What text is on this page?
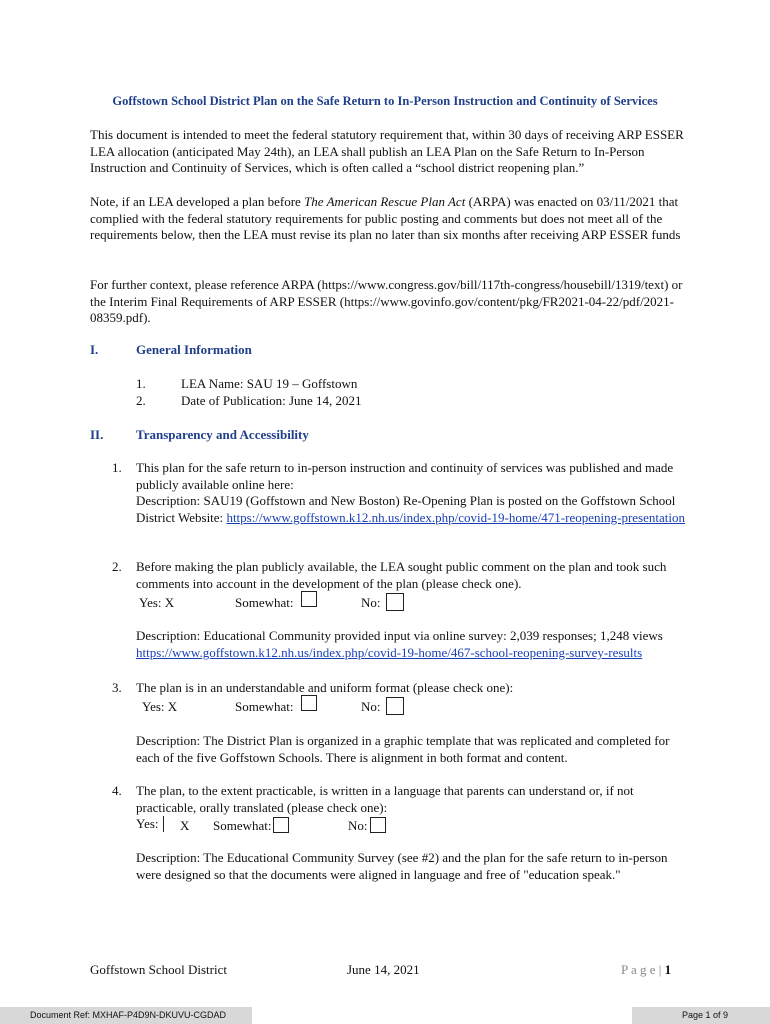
Goffstown School District Plan on the Safe Return to In-Person Instruction and Continuity of Services
This document is intended to meet the federal statutory requirement that, within 30 days of receiving ARP ESSER LEA allocation (anticipated May 24th), an LEA shall publish an LEA Plan on the Safe Return to In-Person Instruction and Continuity of Services, which is often called a “school district reopening plan.”
Note, if an LEA developed a plan before The American Rescue Plan Act (ARPA) was enacted on 03/11/2021 that complied with the federal statutory requirements for public posting and comments but does not meet all of the requirements below, then the LEA must revise its plan no later than six months after receiving ARP ESSER funds
For further context, please reference ARPA (https://www.congress.gov/bill/117th-congress/housebill/1319/text) or the Interim Final Requirements of ARP ESSER (https://www.govinfo.gov/content/pkg/FR2021-04-22/pdf/2021-08359.pdf).
I.	General Information
1.	LEA Name: SAU 19 – Goffstown
2.	Date of Publication: June 14, 2021
II.	Transparency and Accessibility
1. This plan for the safe return to in-person instruction and continuity of services was published and made publicly available online here:
Description: SAU19 (Goffstown and New Boston) Re-Opening Plan is posted on the Goffstown School District Website: https://www.goffstown.k12.nh.us/index.php/covid-19-home/471-reopening-presentation
2. Before making the plan publicly available, the LEA sought public comment on the plan and took such comments into account in the development of the plan (please check one).
Yes: X	Somewhat:	No:
Description: Educational Community provided input via online survey: 2,039 responses; 1,248 views
https://www.goffstown.k12.nh.us/index.php/covid-19-home/467-school-reopening-survey-results
3. The plan is in an understandable and uniform format (please check one):
Yes: X	Somewhat:	No:
Description: The District Plan is organized in a graphic template that was replicated and completed for each of the five Goffstown Schools. There is alignment in both format and content.
4. The plan, to the extent practicable, is written in a language that parents can understand or, if not practicable, orally translated (please check one):
Yes: X Somewhat:	No:
Description: The Educational Community Survey (see #2) and the plan for the safe return to in-person were designed so that the documents were aligned in language and free of "education speak."
Goffstown School District	June 14, 2021	P a g e | 1
Document Ref: MXHAF-P4D9N-DKUVU-CGDAD	Page 1 of 9
